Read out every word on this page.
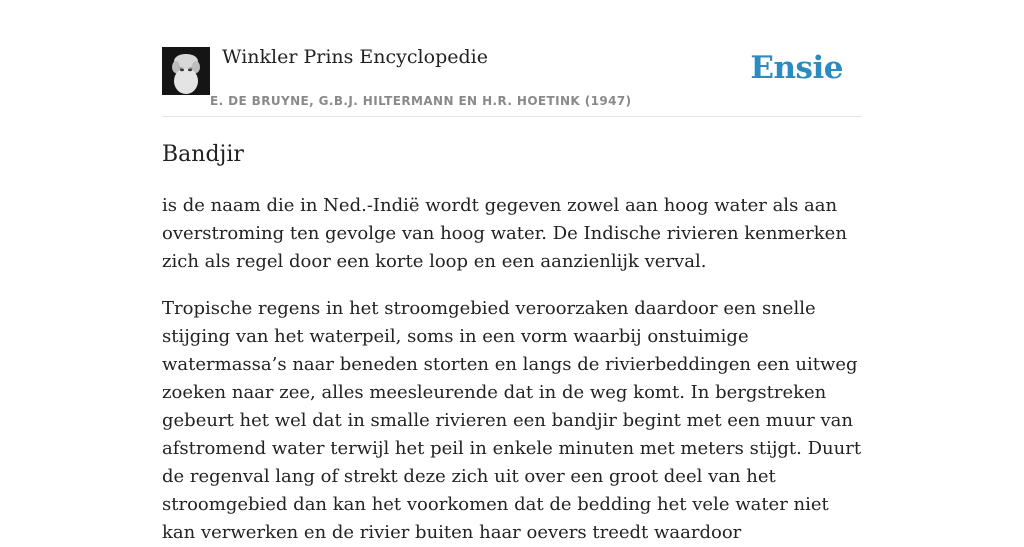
Winkler Prins Encyclopedie
E. DE BRUYNE, G.B.J. HILTERMANN EN H.R. HOETINK (1947)
Ensie
Bandjir

is de naam die in Ned.-Indië wordt gegeven zowel aan hoog water als aan overstroming ten gevolge van hoog water. De Indische rivieren kenmerken zich als regel door een korte loop en een aanzienlijk verval.

Tropische regens in het stroomgebied veroorzaken daardoor een snelle stijging van het waterpeil, soms in een vorm waarbij onstuimige watermassa’s naar beneden storten en langs de rivierbeddingen een uitweg zoeken naar zee, alles meesleurende dat in de weg komt. In bergstreken gebeurt het wel dat in smalle rivieren een bandjir begint met een muur van afstromend water terwijl het peil in enkele minuten met meters stijgt. Duurt de regenval lang of strekt deze zich uit over een groot deel van het stroomgebied dan kan het voorkomen dat de bedding het vele water niet kan verwerken en de rivier buiten haar oevers treedt waardoor
